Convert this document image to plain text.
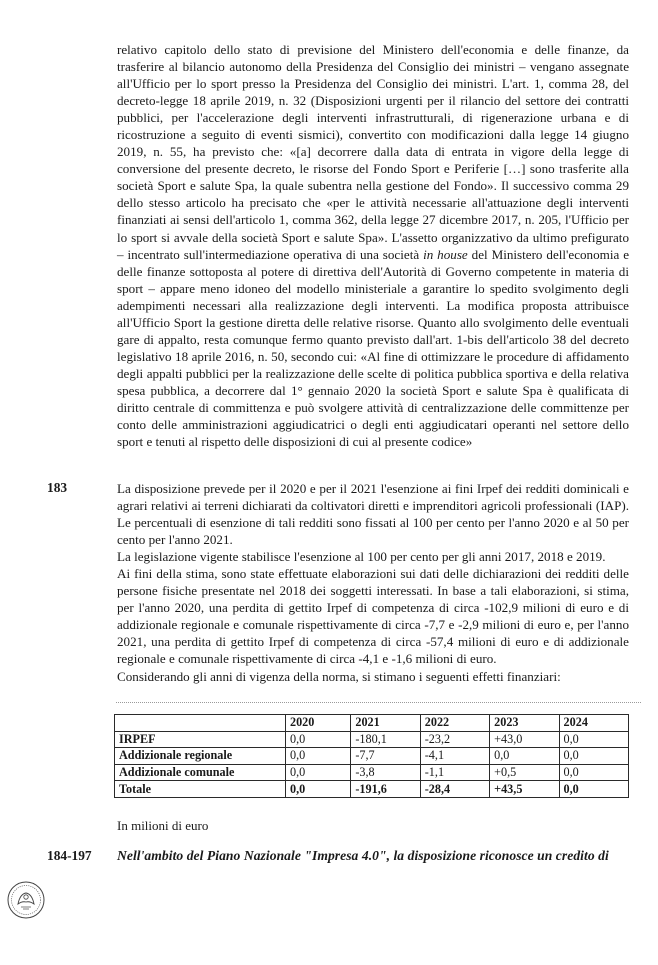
relativo capitolo dello stato di previsione del Ministero dell'economia e delle finanze, da trasferire al bilancio autonomo della Presidenza del Consiglio dei ministri – vengano assegnate all'Ufficio per lo sport presso la Presidenza del Consiglio dei ministri. L'art. 1, comma 28, del decreto-legge 18 aprile 2019, n. 32 (Disposizioni urgenti per il rilancio del settore dei contratti pubblici, per l'accelerazione degli interventi infrastrutturali, di rigenerazione urbana e di ricostruzione a seguito di eventi sismici), convertito con modificazioni dalla legge 14 giugno 2019, n. 55, ha previsto che: «[a] decorrere dalla data di entrata in vigore della legge di conversione del presente decreto, le risorse del Fondo Sport e Periferie […] sono trasferite alla società Sport e salute Spa, la quale subentra nella gestione del Fondo». Il successivo comma 29 dello stesso articolo ha precisato che «per le attività necessarie all'attuazione degli interventi finanziati ai sensi dell'articolo 1, comma 362, della legge 27 dicembre 2017, n. 205, l'Ufficio per lo sport si avvale della società Sport e salute Spa». L'assetto organizzativo da ultimo prefigurato – incentrato sull'intermediazione operativa di una società in house del Ministero dell'economia e delle finanze sottoposta al potere di direttiva dell'Autorità di Governo competente in materia di sport – appare meno idoneo del modello ministeriale a garantire lo spedito svolgimento degli adempimenti necessari alla realizzazione degli interventi. La modifica proposta attribuisce all'Ufficio Sport la gestione diretta delle relative risorse. Quanto allo svolgimento delle eventuali gare di appalto, resta comunque fermo quanto previsto dall'art. 1-bis dell'articolo 38 del decreto legislativo 18 aprile 2016, n. 50, secondo cui: «Al fine di ottimizzare le procedure di affidamento degli appalti pubblici per la realizzazione delle scelte di politica pubblica sportiva e della relativa spesa pubblica, a decorrere dal 1° gennaio 2020 la società Sport e salute Spa è qualificata di diritto centrale di committenza e può svolgere attività di centralizzazione delle committenze per conto delle amministrazioni aggiudicatrici o degli enti aggiudicatari operanti nel settore dello sport e tenuti al rispetto delle disposizioni di cui al presente codice»

183	La disposizione prevede per il 2020 e per il 2021 l'esenzione ai fini Irpef dei redditi dominicali e agrari relativi ai terreni dichiarati da coltivatori diretti e imprenditori agricoli professionali (IAP). Le percentuali di esenzione di tali redditi sono fissati al 100 per cento per l'anno 2020 e al 50 per cento per l'anno 2021.

La legislazione vigente stabilisce l'esenzione al 100 per cento per gli anni 2017, 2018 e 2019.

Ai fini della stima, sono state effettuate elaborazioni sui dati delle dichiarazioni dei redditi delle persone fisiche presentate nel 2018 dei soggetti interessati. In base a tali elaborazioni, si stima, per l'anno 2020, una perdita di gettito Irpef di competenza di circa -102,9 milioni di euro e di addizionale regionale e comunale rispettivamente di circa -7,7 e -2,9 milioni di euro e, per l'anno 2021, una perdita di gettito Irpef di competenza di circa -57,4 milioni di euro e di addizionale regionale e comunale rispettivamente di circa -4,1 e -1,6 milioni di euro.

Considerando gli anni di vigenza della norma, si stimano i seguenti effetti finanziari:

	2020	2021	2022	2023	2024
IRPEF	0,0	-180,1	-23,2	+43,0	0,0
Addizionale regionale	0,0	-7,7	-4,1	0,0	0,0
Addizionale comunale	0,0	-3,8	-1,1	+0,5	0,0
Totale	0,0	-191,6	-28,4	+43,5	0,0
In milioni di euro
184-197 Nell'ambito del Piano Nazionale "Impresa 4.0", la disposizione riconosce un credito di
